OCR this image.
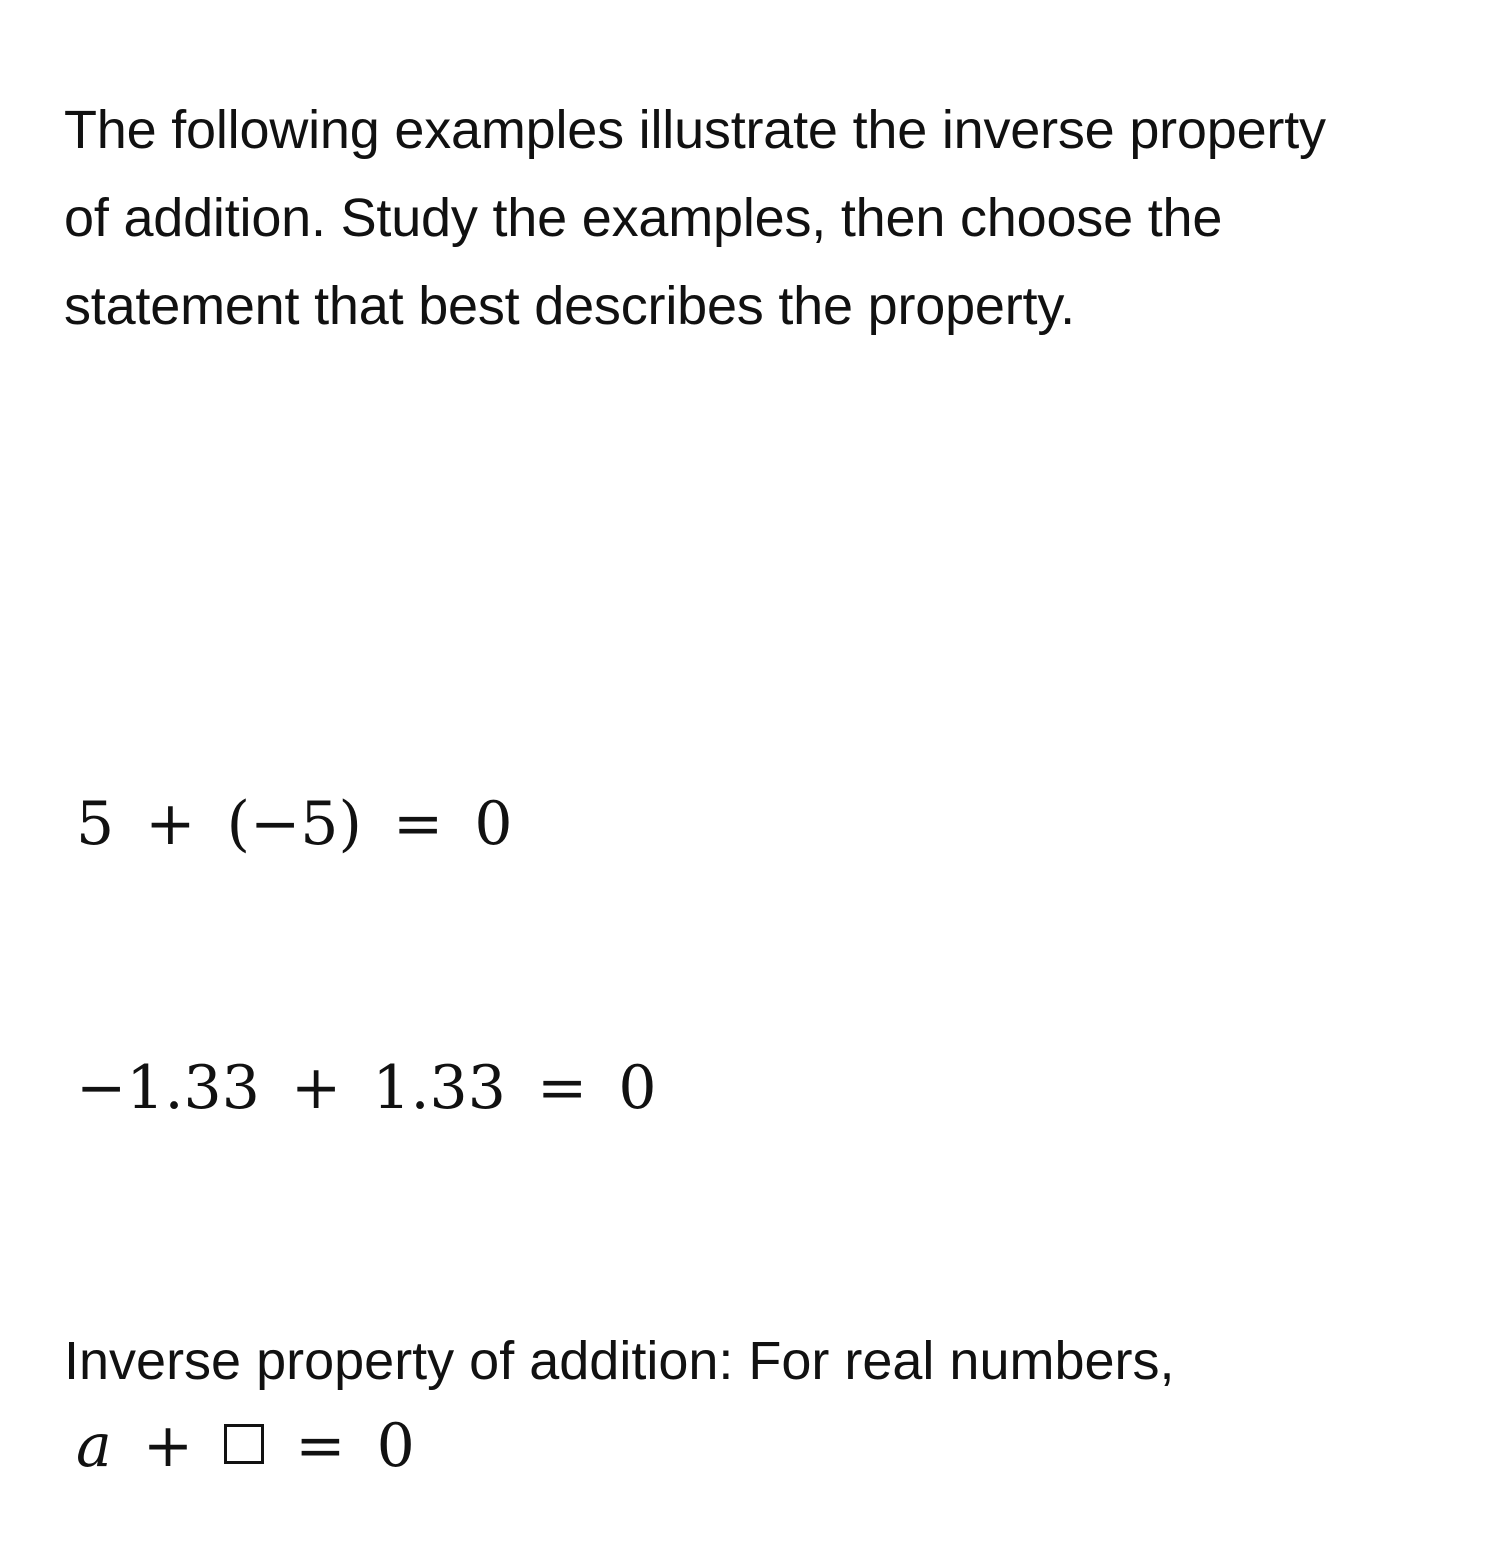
The following examples illustrate the inverse property of addition. Study the examples, then choose the statement that best describes the property.

5 + (−5) = 0
−1.33 + 1.33 = 0

Inverse property of addition: For real numbers,

a + = 0
